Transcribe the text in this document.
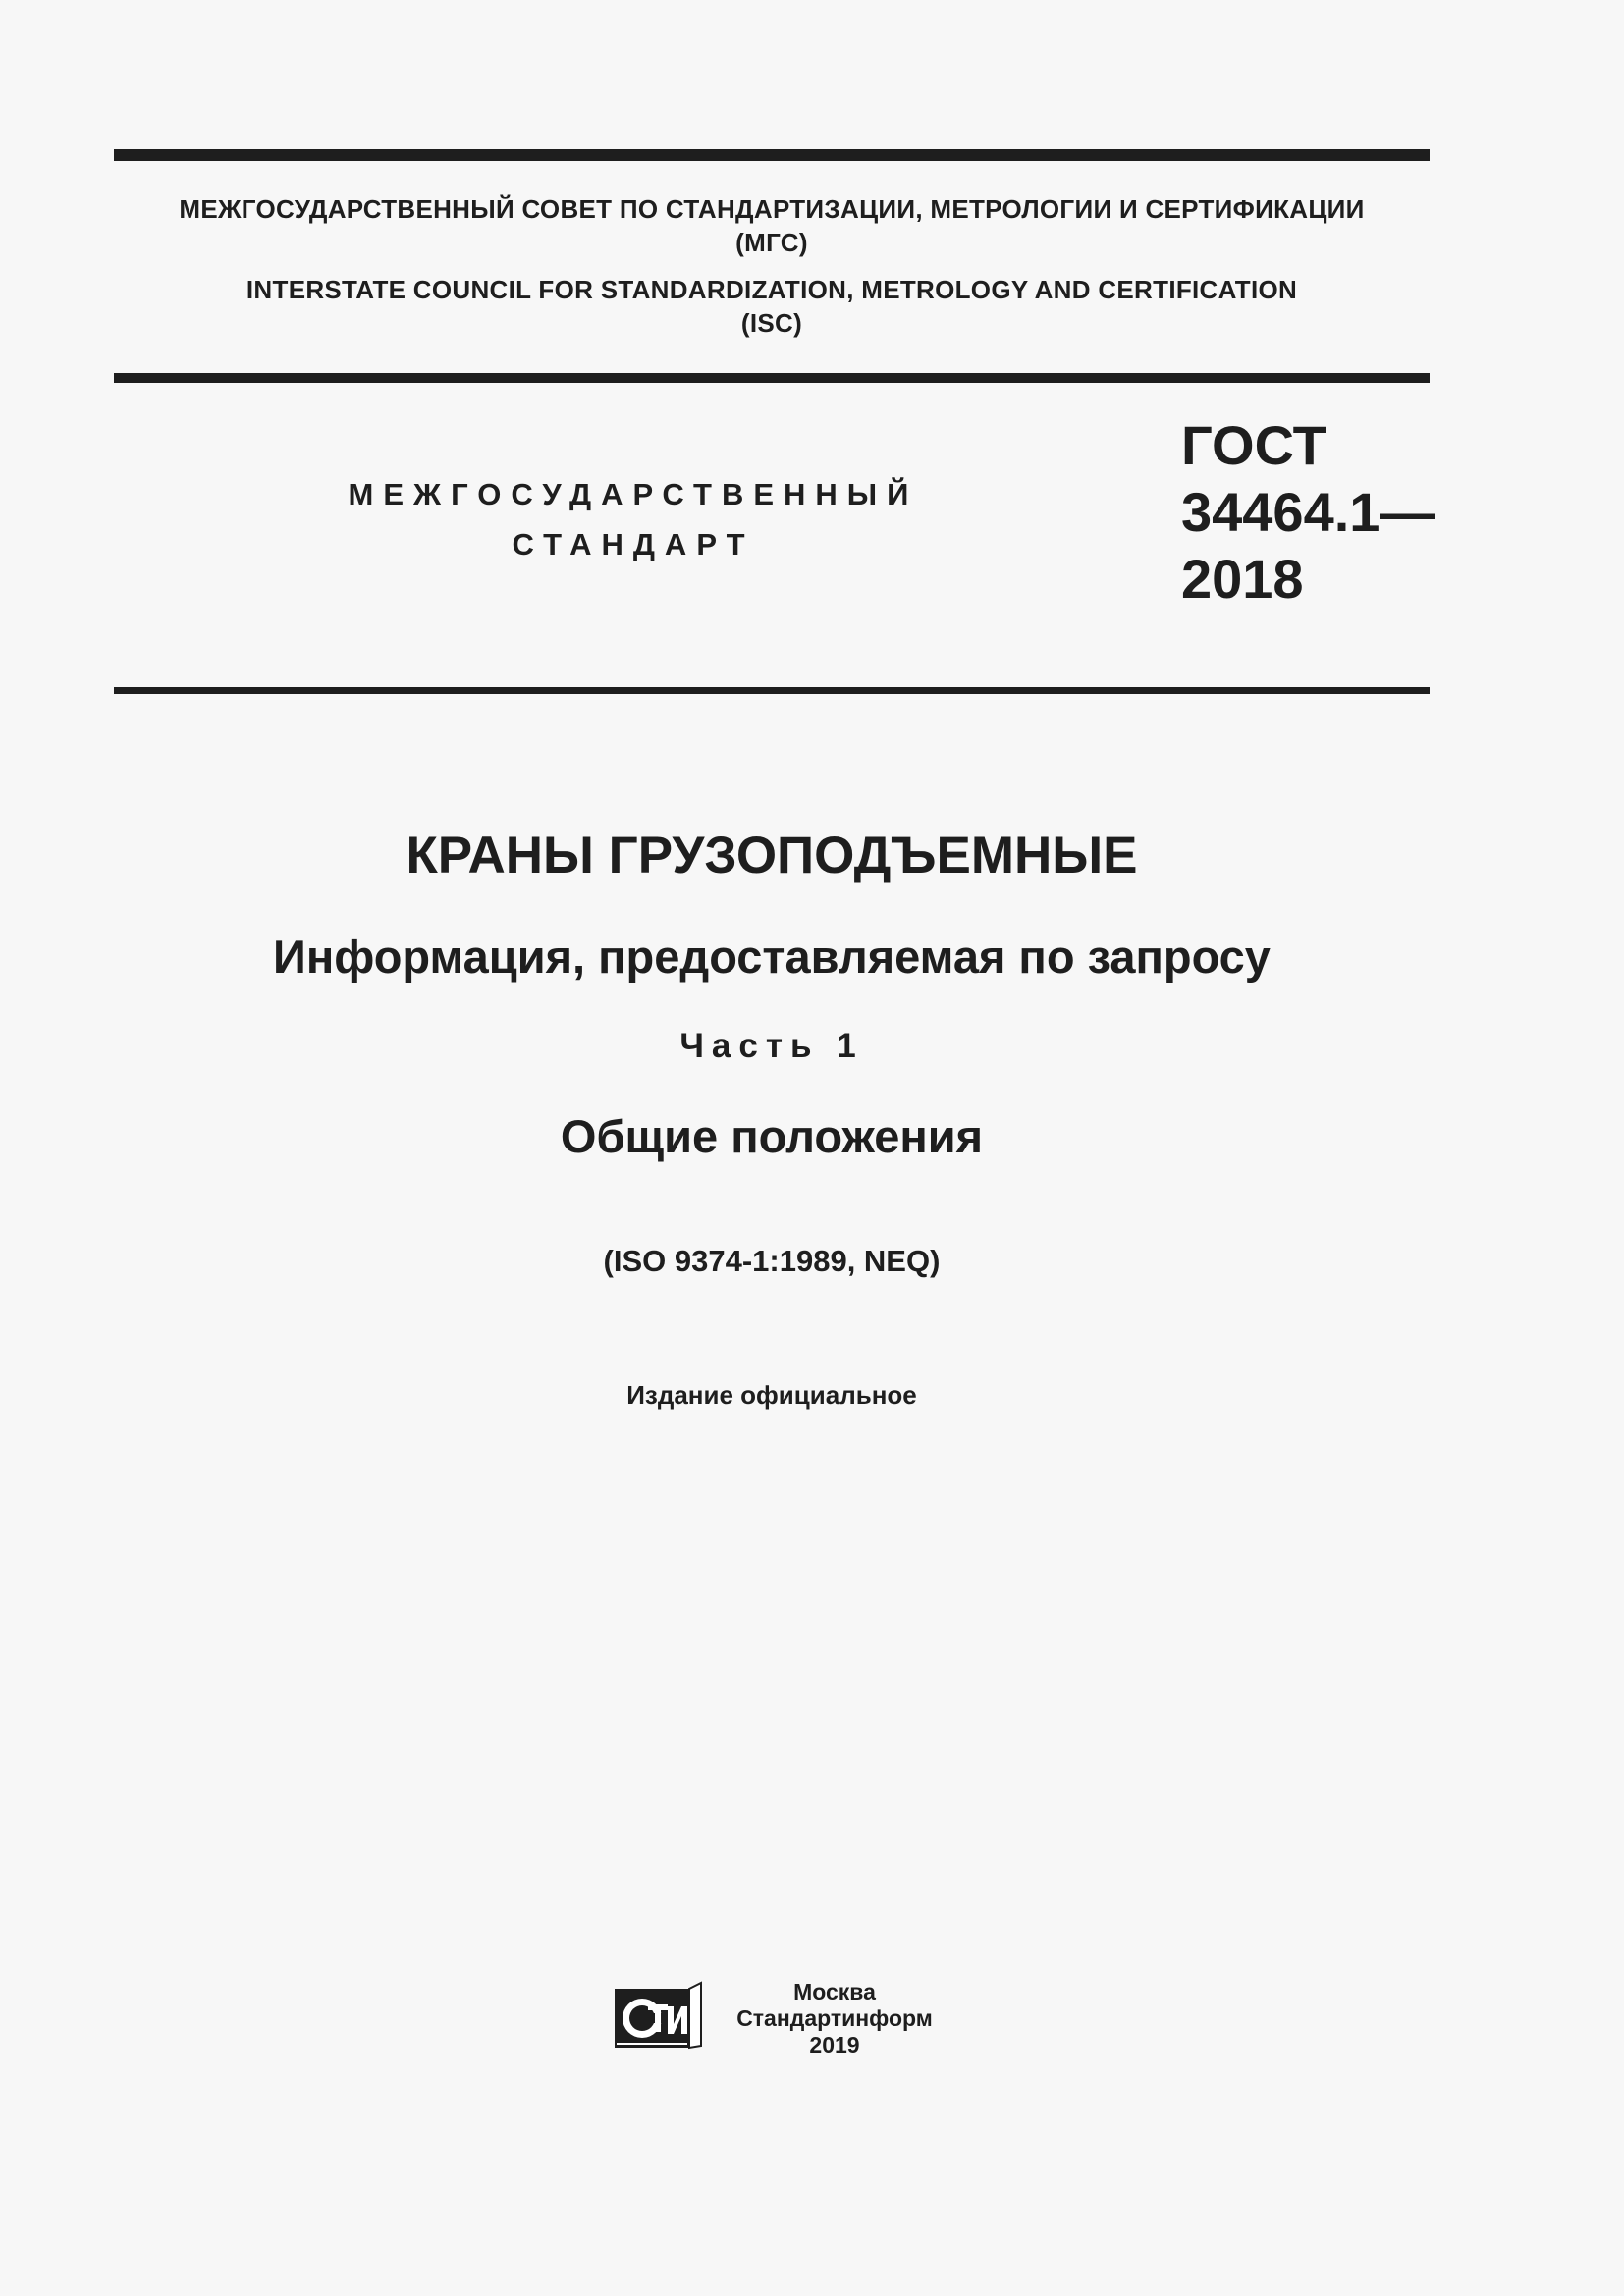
МЕЖГОСУДАРСТВЕННЫЙ СОВЕТ ПО СТАНДАРТИЗАЦИИ, МЕТРОЛОГИИ И СЕРТИФИКАЦИИ
(МГС)
INTERSTATE COUNCIL FOR STANDARDIZATION, METROLOGY AND CERTIFICATION
(ISC)
МЕЖГОСУДАРСТВЕННЫЙ
СТАНДАРТ
ГОСТ
34464.1—
2018
КРАНЫ ГРУЗОПОДЪЕМНЫЕ
Информация, предоставляемая по запросу
Часть 1
Общие положения
(ISO 9374-1:1989, NEQ)
Издание официальное
Москва
Стандартинформ
2019
